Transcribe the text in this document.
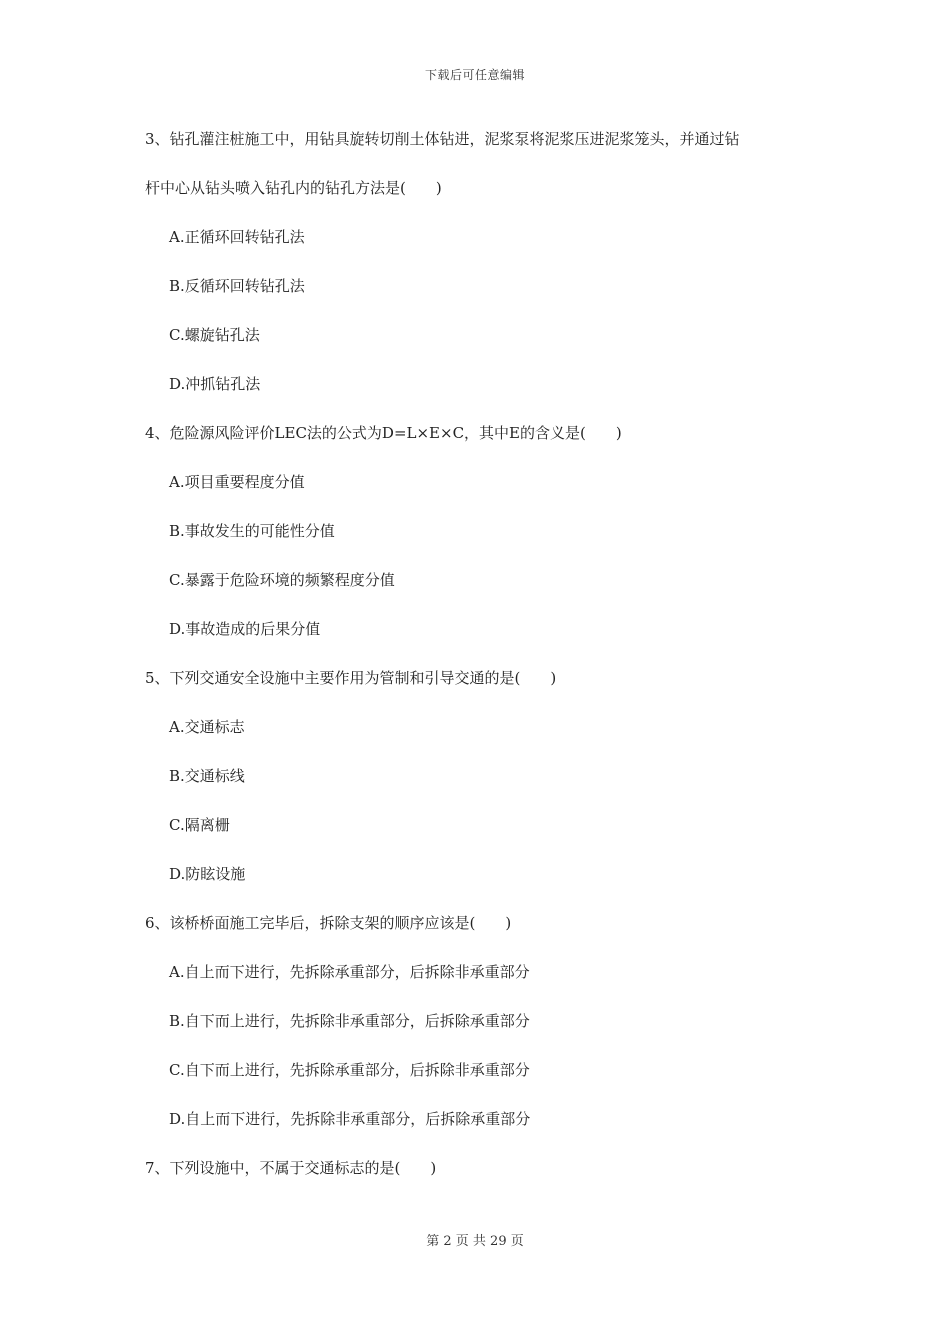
下载后可任意编辑
3、钻孔灌注桩施工中，用钻具旋转切削土体钻进，泥浆泵将泥浆压进泥浆笼头，并通过钻
杆中心从钻头喷入钻孔内的钻孔方法是(　　)
A.正循环回转钻孔法
B.反循环回转钻孔法
C.螺旋钻孔法
D.冲抓钻孔法
4、危险源风险评价LEC法的公式为D=L×E×C，其中E的含义是(　　)
A.项目重要程度分值
B.事故发生的可能性分值
C.暴露于危险环境的频繁程度分值
D.事故造成的后果分值
5、下列交通安全设施中主要作用为管制和引导交通的是(　　)
A.交通标志
B.交通标线
C.隔离栅
D.防眩设施
6、该桥桥面施工完毕后，拆除支架的顺序应该是(　　)
A.自上而下进行，先拆除承重部分，后拆除非承重部分
B.自下而上进行，先拆除非承重部分，后拆除承重部分
C.自下而上进行，先拆除承重部分，后拆除非承重部分
D.自上而下进行，先拆除非承重部分，后拆除承重部分
7、下列设施中，不属于交通标志的是(　　)
第 2 页 共 29 页
